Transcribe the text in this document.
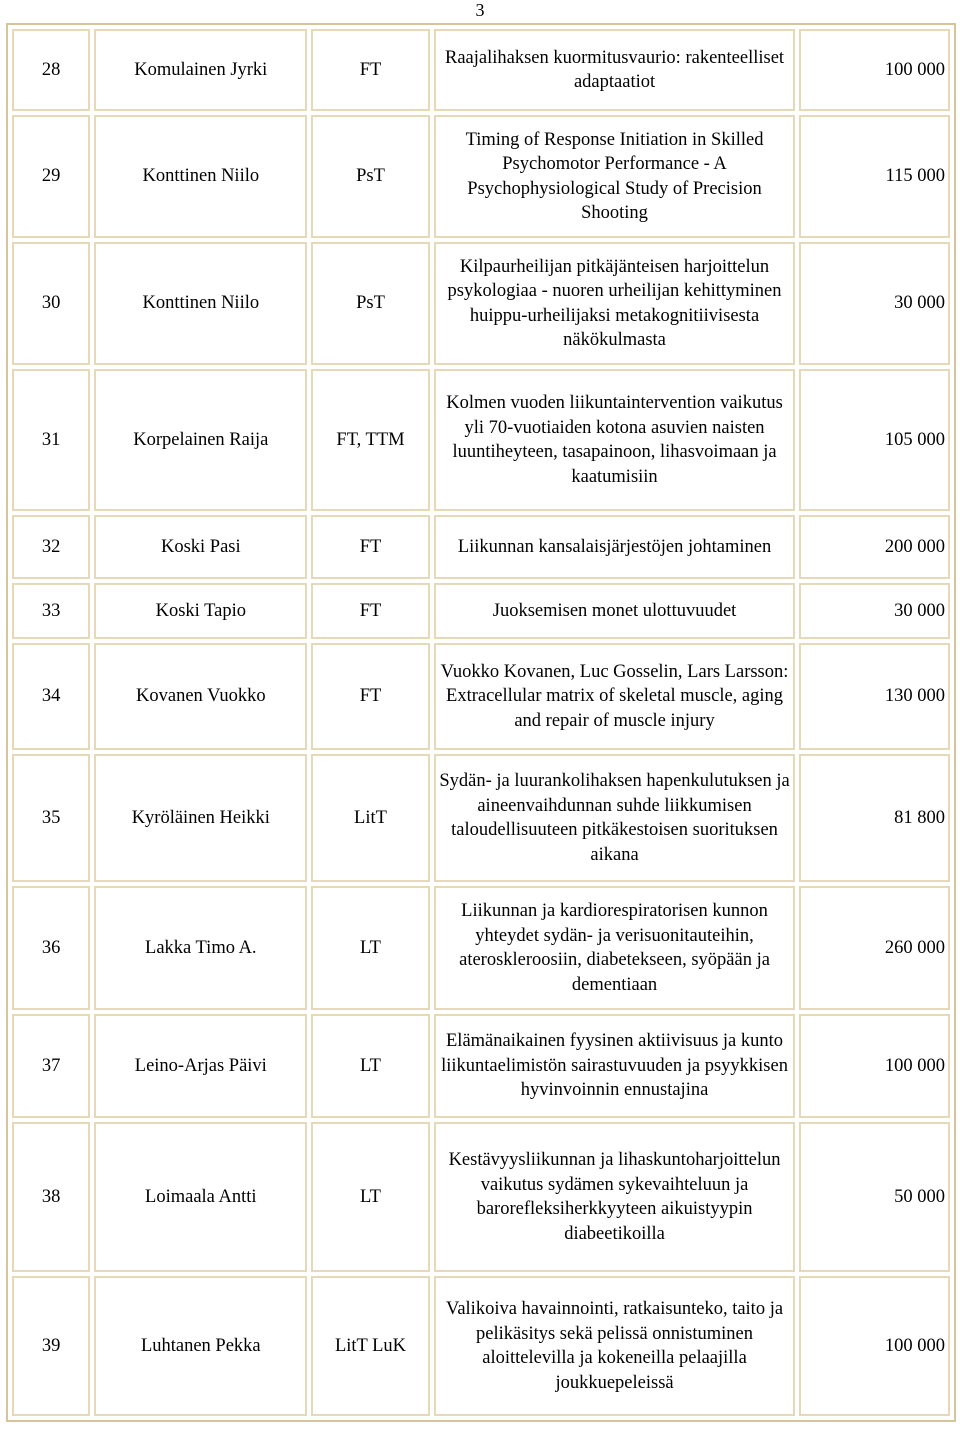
3
28	Komulainen Jyrki	FT	Raajalihaksen kuormitusvaurio: rakenteelliset adaptaatiot	100 000
29	Konttinen Niilo	PsT	Timing of Response Initiation in Skilled Psychomotor Performance - A Psychophysiological Study of Precision Shooting	115 000
30	Konttinen Niilo	PsT	Kilpaurheilijan pitkäjänteisen harjoittelun psykologiaa - nuoren urheilijan kehittyminen huippu-urheilijaksi metakognitiivisesta näkökulmasta	30 000
31	Korpelainen Raija	FT, TTM	Kolmen vuoden liikuntaintervention vaikutus yli 70-vuotiaiden kotona asuvien naisten luuntiheyteen, tasapainoon, lihasvoimaan ja kaatumisiin	105 000
32	Koski Pasi	FT	Liikunnan kansalaisjärjestöjen johtaminen	200 000
33	Koski Tapio	FT	Juoksemisen monet ulottuvuudet	30 000
34	Kovanen Vuokko	FT	Vuokko Kovanen, Luc Gosselin, Lars Larsson: Extracellular matrix of skeletal muscle, aging and repair of muscle injury	130 000
35	Kyröläinen Heikki	LitT	Sydän- ja luurankolihaksen hapenkulutuksen ja aineenvaihdunnan suhde liikkumisen taloudellisuuteen pitkäkestoisen suorituksen aikana	81 800
36	Lakka Timo A.	LT	Liikunnan ja kardiorespiratorisen kunnon yhteydet sydän- ja verisuonitauteihin, ateroskleroosiin, diabetekseen, syöpään ja dementiaan	260 000
37	Leino-Arjas Päivi	LT	Elämänaikainen fyysinen aktiivisuus ja kunto liikuntaelimistön sairastuvuuden ja psyykkisen hyvinvoinnin ennustajina	100 000
38	Loimaala Antti	LT	Kestävyysliikunnan ja lihaskuntoharjoittelun vaikutus sydämen sykevaihteluun ja barorefleksiherkkyyteen aikuistyypin diabeetikoilla	50 000
39	Luhtanen Pekka	LitT LuK	Valikoiva havainnointi, ratkaisunteko, taito ja pelikäsitys sekä pelissä onnistuminen aloittelevilla ja kokeneilla pelaajilla joukkuepeleissä	100 000
